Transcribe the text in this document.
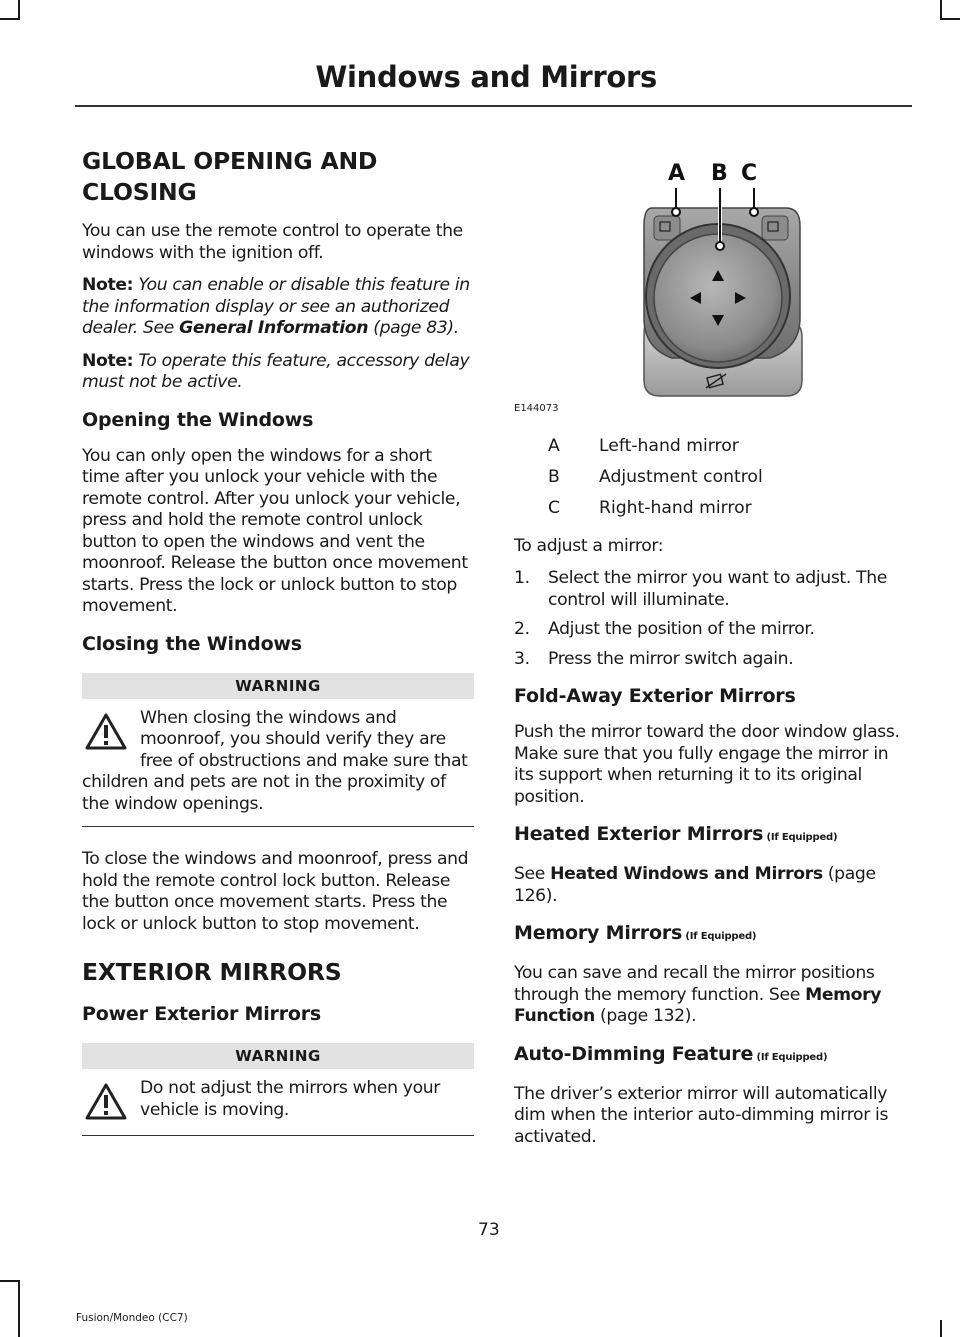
Windows and Mirrors
GLOBAL OPENING AND
CLOSING

You can use the remote control to operate the windows with the ignition off.

Note: You can enable or disable this feature in the information display or see an authorized dealer. See General Information (page 83).

Note: To operate this feature, accessory delay must not be active.

Opening the Windows

You can only open the windows for a short time after you unlock your vehicle with the remote control. After you unlock your vehicle, press and hold the remote control unlock button to open the windows and vent the moonroof. Release the button once movement starts. Press the lock or unlock button to stop movement.

Closing the Windows
WARNING
When closing the windows and moonroof, you should verify they are free of obstructions and make sure that children and pets are not in the proximity of the window openings.

To close the windows and moonroof, press and hold the remote control lock button. Release the button once movement starts. Press the lock or unlock button to stop movement.

EXTERIOR MIRRORS
Power Exterior Mirrors
WARNING
Do not adjust the mirrors when your vehicle is moving.
A B C
E144073
A	Left-hand mirror
B	Adjustment control
C	Right-hand mirror

To adjust a mirror:

1.	Select the mirror you want to adjust. The control will illuminate.
2.	Adjust the position of the mirror.
3.	Press the mirror switch again.
Fold-Away Exterior Mirrors

Push the mirror toward the door window glass. Make sure that you fully engage the mirror in its support when returning it to its original position.

Heated Exterior Mirrors (If Equipped)

See Heated Windows and Mirrors (page 126).

Memory Mirrors (If Equipped)

You can save and recall the mirror positions through the memory function. See Memory Function (page 132).

Auto-Dimming Feature (If Equipped)

The driver’s exterior mirror will automatically dim when the interior auto-dimming mirror is activated.

73
Fusion/Mondeo (CC7)
